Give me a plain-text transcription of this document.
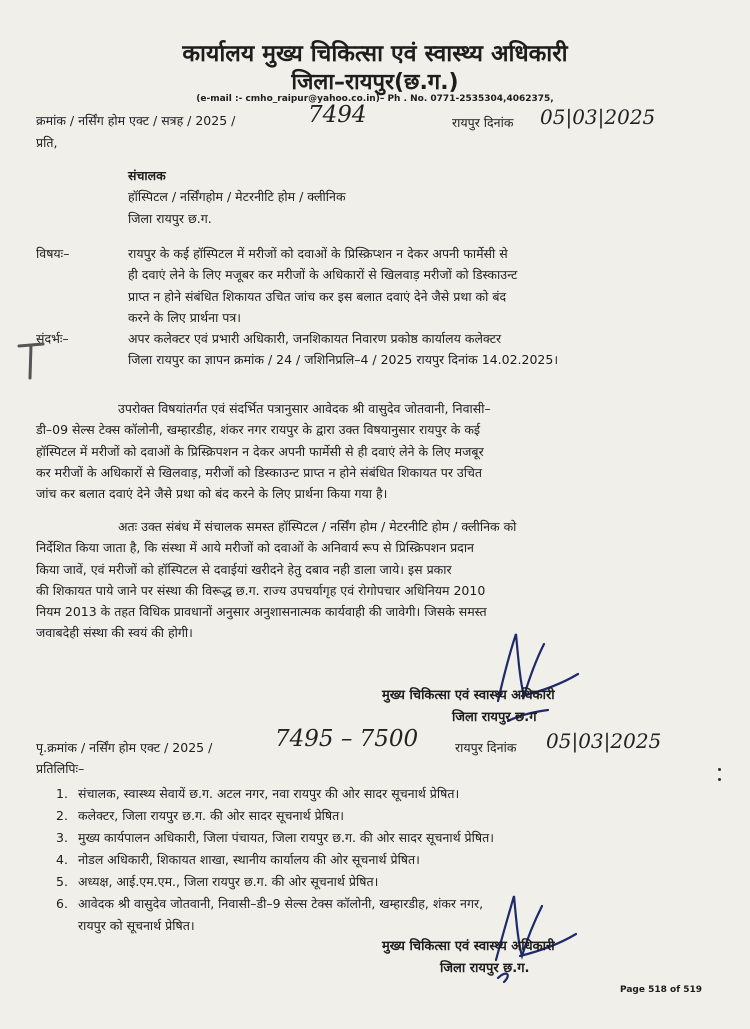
कार्यालय मुख्य चिकित्सा एवं स्वास्थ्य अधिकारी
जिला–रायपुर(छ.ग.)
(e-mail :- cmho_raipur@yahoo.co.in)– Ph . No. 0771-2535304,4062375,
क्रमांक / नर्सिंग होम एक्ट / सत्रह / 2025 /	7494	रायपुर दिनांक 05|03|2025
प्रति,
संचालक
हॉस्पिटल / नर्सिंगहोम / मेटरनीटि होम / क्लीनिक
जिला रायपुर छ.ग.
विषयः–	रायपुर के कई हॉस्पिटल में मरीजों को दवाओं के प्रिस्क्रिप्शन न देकर अपनी फार्मेसी से
ही दवाएं लेने के लिए मजूबर कर मरीजों के अधिकारों से खिलवाड़ मरीजों को डिस्काउन्ट
प्राप्त न होने संबंधित शिकायत उचित जांच कर इस बलात दवाएं देने जैसे प्रथा को बंद
करने के लिए प्रार्थना पत्र।
संदर्भः–	अपर कलेक्टर एवं प्रभारी अधिकारी, जनशिकायत निवारण प्रकोष्ठ कार्यालय कलेक्टर
जिला रायपुर का ज्ञापन क्रमांक / 24 / जशिनिप्रलि–4 / 2025 रायपुर दिनांक 14.02.2025।
उपरोक्त विषयांतर्गत एवं संदर्भित पत्रानुसार आवेदक श्री वासुदेव जोतवानी, निवासी–
डी–09 सेल्स टेक्स कॉलोनी, खम्हारडीह, शंकर नगर रायपुर के द्वारा उक्त विषयानुसार रायपुर के कई
हॉस्पिटल में मरीजों को दवाओं के प्रिस्क्रिपशन न देकर अपनी फार्मेसी से ही दवाएं लेने के लिए मजबूर
कर मरीजों के अधिकारों से खिलवाड़, मरीजों को डिस्काउन्ट प्राप्त न होने संबंधित शिकायत पर उचित
जांच कर बलात दवाएं देने जैसे प्रथा को बंद करने के लिए प्रार्थना किया गया है।
अतः उक्त संबंध में संचालक समस्त हॉस्पिटल / नर्सिंग होम / मेटरनीटि होम / क्लीनिक को
निर्देशित किया जाता है, कि संस्था में आये मरीजों को दवाओं के अनिवार्य रूप से प्रिस्क्रिपशन प्रदान
किया जावें, एवं मरीजों को हॉस्पिटल से दवाईयां खरीदने हेतु दबाव नही डाला जाये। इस प्रकार
की शिकायत पाये जाने पर संस्था की विरूद्ध छ.ग. राज्य उपचर्यागृह एवं रोगोपचार अधिनियम 2010
नियम 2013 के तहत विधिक प्रावधानों अनुसार अनुशासनात्मक कार्यवाही की जावेगी। जिसके समस्त
जवाबदेही संस्था की स्वयं की होगी।
मुख्य चिकित्सा एवं स्वास्थ्य अधिकारी
जिला रायपुर छ.ग
पृ.क्रमांक / नर्सिंग होम एक्ट / 2025 /	7495 – 7500	रायपुर दिनांक 05|03|2025
प्रतिलिपिः–
1. संचालक, स्वास्थ्य सेवायें छ.ग. अटल नगर, नवा रायपुर की ओर सादर सूचनार्थ प्रेषित।
2. कलेक्टर, जिला रायपुर छ.ग. की ओर सादर सूचनार्थ प्रेषित।
3. मुख्य कार्यपालन अधिकारी, जिला पंचायत, जिला रायपुर छ.ग. की ओर सादर सूचनार्थ प्रेषित।
4. नोडल अधिकारी, शिकायत शाखा, स्थानीय कार्यालय की ओर सूचनार्थ प्रेषित।
5. अध्यक्ष, आई.एम.एम., जिला रायपुर छ.ग. की ओर सूचनार्थ प्रेषित।
6. आवेदक श्री वासुदेव जोतवानी, निवासी–डी–9 सेल्स टेक्स कॉलोनी, खम्हारडीह, शंकर नगर,
रायपुर को सूचनार्थ प्रेषित।
मुख्य चिकित्सा एवं स्वास्थ्य अधिकारी
जिला रायपुर छ.ग.
Page 518 of 519
